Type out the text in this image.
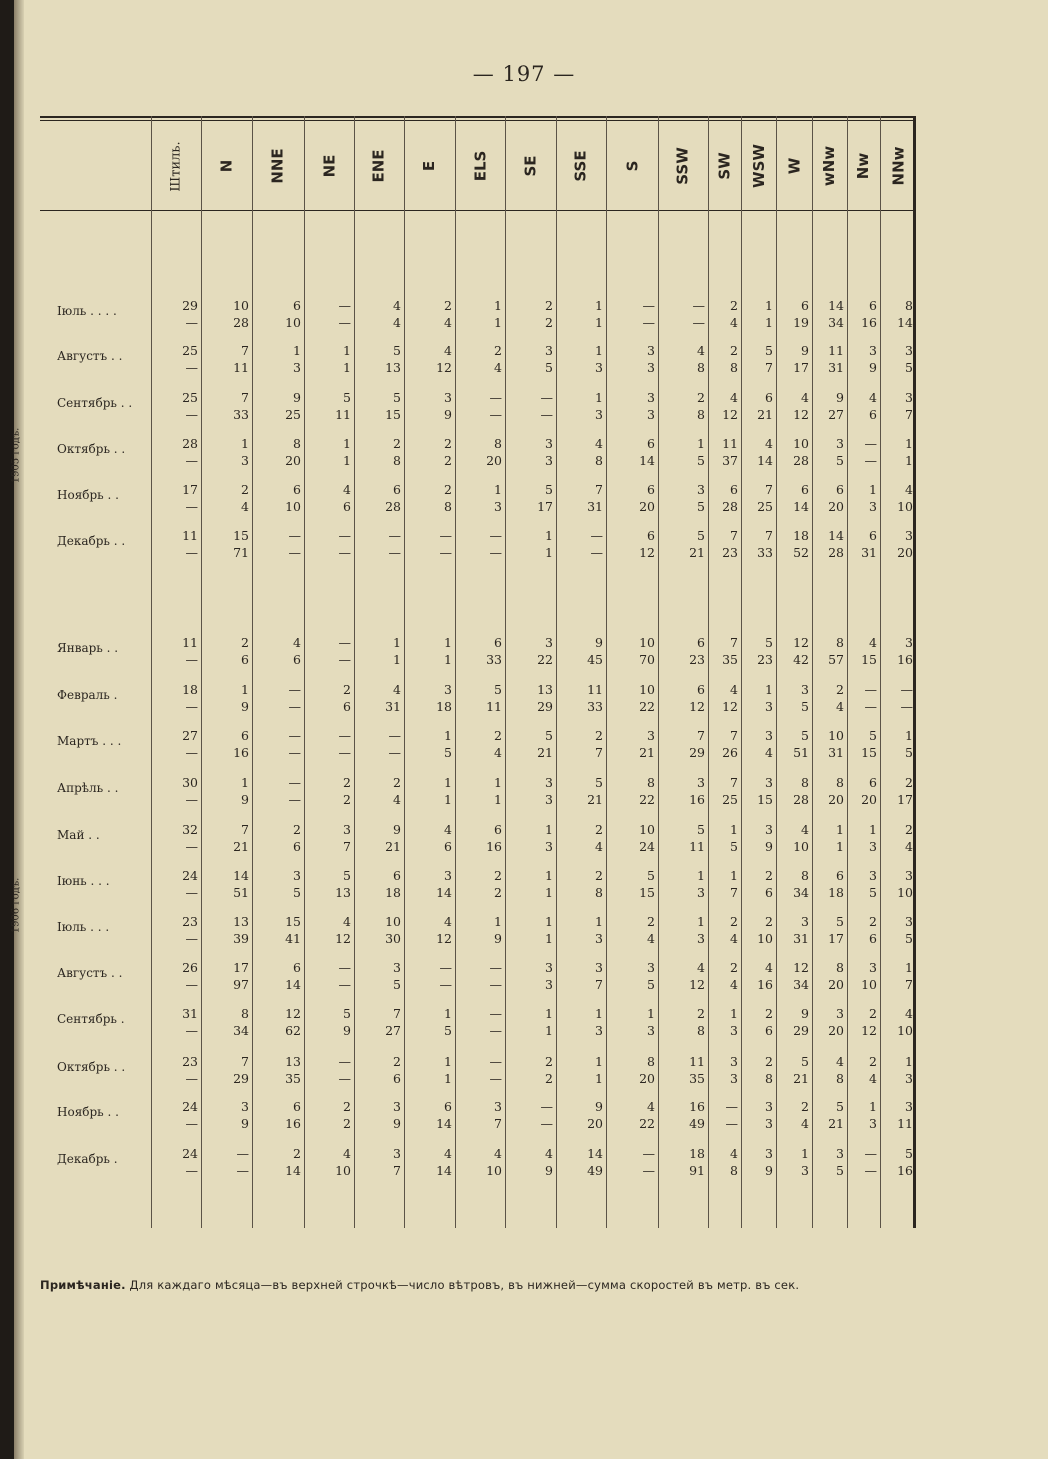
— 197 —
1905 годъ.
1906 годъ.
Примѣчаніе. Для каждаго мѣсяца—въ верхней строчкѣ—число вѣтровъ, въ нижней—сумма скоростей въ метр. въ сек.
Штиль. N NNE NE ENE E ELS SE SSE S SSW SW WSW W wNw Nw NNw
Іюль . . . .	29	10	6	—	4	2	1	2	1	—	—	2	1	6	14	6	8
—	28	10	—	4	4	1	2	1	—	—	4	1	19	34	16	14
Августъ . .	25	7	1	1	5	4	2	3	1	3	4	2	5	9	11	3	3
—	11	3	1	13	12	4	5	3	3	8	8	7	17	31	9	5
Сентябрь . .	25	7	9	5	5	3	—	—	1	3	2	4	6	4	9	4	3
—	33	25	11	15	9	—	—	3	3	8	12	21	12	27	6	7
Октябрь . .	28	1	8	1	2	2	8	3	4	6	1	11	4	10	3	—	1
—	3	20	1	8	2	20	3	8	14	5	37	14	28	5	—	1
Ноябрь . .	17	2	6	4	6	2	1	5	7	6	3	6	7	6	6	1	4
—	4	10	6	28	8	3	17	31	20	5	28	25	14	20	3	10
Декабрь . .	11	15	—	—	—	—	—	1	—	6	5	7	7	18	14	6	3
—	71	—	—	—	—	—	1	—	12	21	23	33	52	28	31	20
Январь . .	11	2	4	—	1	1	6	3	9	10	6	7	5	12	8	4	3
—	6	6	—	1	1	33	22	45	70	23	35	23	42	57	15	16
Февраль .	18	1	—	2	4	3	5	13	11	10	6	4	1	3	2	—	—
—	9	—	6	31	18	11	29	33	22	12	12	3	5	4	—	—
Мартъ . . .	27	6	—	—	—	1	2	5	2	3	7	7	3	5	10	5	1
—	16	—	—	—	5	4	21	7	21	29	26	4	51	31	15	5
Апрѣль . .	30	1	—	2	2	1	1	3	5	8	3	7	3	8	8	6	2
—	9	—	2	4	1	1	3	21	22	16	25	15	28	20	20	17
Май . .	32	7	2	3	9	4	6	1	2	10	5	1	3	4	1	1	2
—	21	6	7	21	6	16	3	4	24	11	5	9	10	1	3	4
Іюнь . . .	24	14	3	5	6	3	2	1	2	5	1	1	2	8	6	3	3
—	51	5	13	18	14	2	1	8	15	3	7	6	34	18	5	10
Іюль . . .	23	13	15	4	10	4	1	1	1	2	1	2	2	3	5	2	3
—	39	41	12	30	12	9	1	3	4	3	4	10	31	17	6	5
Августъ . .	26	17	6	—	3	—	—	3	3	3	4	2	4	12	8	3	1
—	97	14	—	5	—	—	3	7	5	12	4	16	34	20	10	7
Сентябрь .	31	8	12	5	7	1	—	1	1	1	2	1	2	9	3	2	4
—	34	62	9	27	5	—	1	3	3	8	3	6	29	20	12	10
Октябрь . .	23	7	13	—	2	1	—	2	1	8	11	3	2	5	4	2	1
—	29	35	—	6	1	—	2	1	20	35	3	8	21	8	4	3
Ноябрь . .	24	3	6	2	3	6	3	—	9	4	16	—	3	2	5	1	3
—	9	16	2	9	14	7	—	20	22	49	—	3	4	21	3	11
Декабрь .	24	—	2	4	3	4	4	4	14	—	18	4	3	1	3	—	5
—	—	14	10	7	14	10	9	49	—	91	8	9	3	5	—	16
